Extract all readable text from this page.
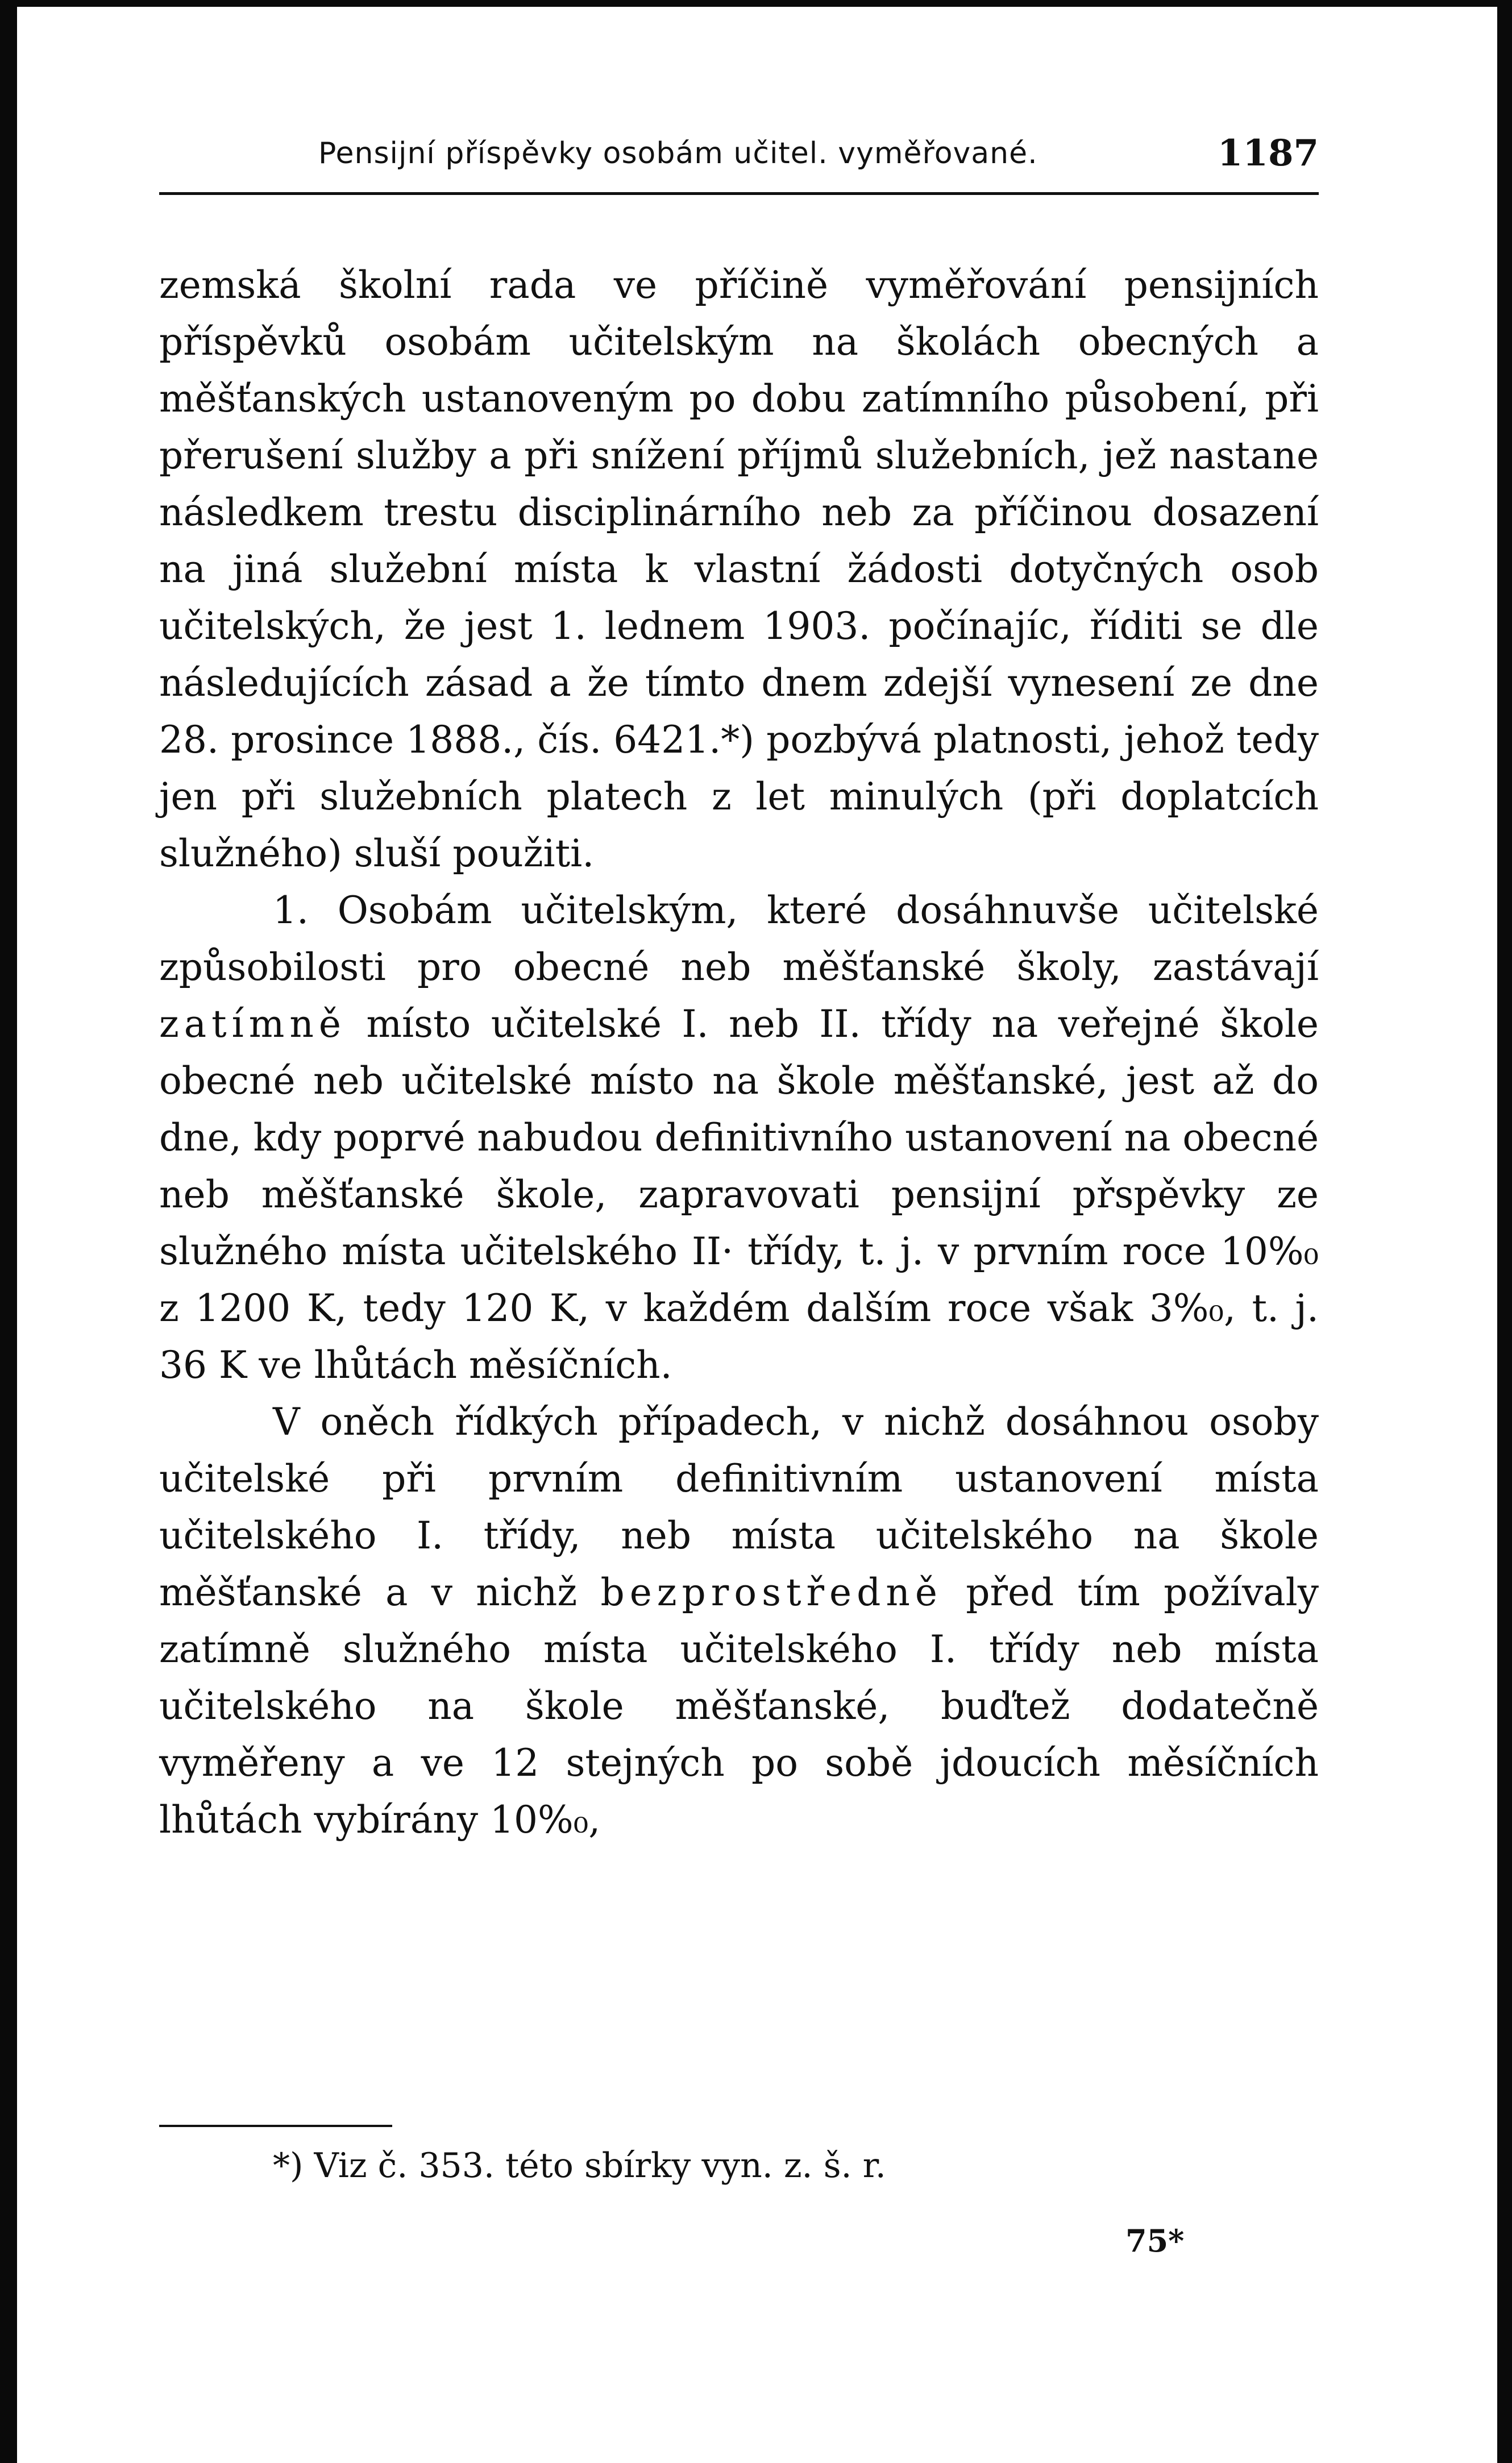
Pensijní příspěvky osobám učitel. vyměřované.	1187

zemská školní rada ve příčině vyměřování pensijních příspěvků osobám učitelským na školách obecných a měšťanských ustanoveným po dobu zatímního působení, při přerušení služby a při snížení příjmů služebních, jež nastane následkem trestu disciplinárního neb za příčinou dosazení na jiná služební místa k vlastní žádosti dotyčných osob učitelských, že jest 1. lednem 1903. počínajíc, říditi se dle následujících zásad a že tímto dnem zdejší vynesení ze dne 28. prosince 1888., čís. 6421.*) pozbývá platnosti, jehož tedy jen při služebních platech z let minulých (při doplatcích služného) sluší použiti.

1. Osobám učitelským, které dosáhnuvše učitelské způsobilosti pro obecné neb měšťanské školy, zastávají zatímně místo učitelské I. neb II. třídy na veřejné škole obecné neb učitelské místo na škole měšťanské, jest až do dne, kdy poprvé nabudou definitivního ustanovení na obecné neb měšťanské škole, zapravovati pensijní přspěvky ze služného místa učitelského II· třídy, t. j. v prvním roce 10%₀ z 1200 K, tedy 120 K, v každém dalším roce však 3%₀, t. j. 36 K ve lhůtách měsíčních.

V oněch řídkých případech, v nichž dosáhnou osoby učitelské při prvním definitivním ustanovení místa učitelského I. třídy, neb místa učitelského na škole měšťanské a v nichž bezprostředně před tím požívaly zatímně služného místa učitelského I. třídy neb místa učitelského na škole měšťanské, buďtež dodatečně vyměřeny a ve 12 stejných po sobě jdoucích měsíčních lhůtách vybírány 10%₀,

*) Viz č. 353. této sbírky vyn. z. š. r.
75*
